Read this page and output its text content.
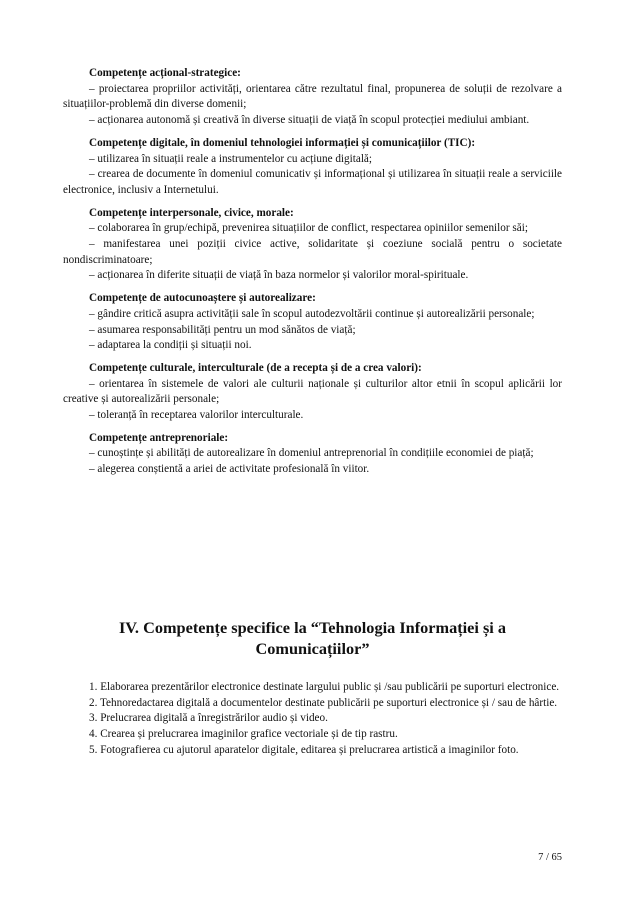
Competențe acțional-strategice:

– proiectarea propriilor activități, orientarea către rezultatul final, propunerea de soluții de rezolvare a situațiilor-problemă din diverse domenii;

– acționarea autonomă și creativă în diverse situații de viață în scopul protecției mediului ambiant.

Competențe digitale, în domeniul tehnologiei informației și comunicațiilor (TIC):

– utilizarea în situații reale a instrumentelor cu acțiune digitală;

– crearea de documente în domeniul comunicativ și informațional și utilizarea în situații reale a serviciile electronice, inclusiv a Internetului.

Competențe interpersonale, civice, morale:

– colaborarea în grup/echipă, prevenirea situațiilor de conflict, respectarea opiniilor semenilor săi;

– manifestarea unei poziții civice active, solidaritate și coeziune socială pentru o societate nondiscriminatoare;

– acționarea în diferite situații de viață în baza normelor și valorilor moral-spirituale.

Competențe de autocunoaștere și autorealizare:

– gândire critică asupra activității sale în scopul autodezvoltării continue și autorealizării personale;

– asumarea responsabilități pentru un mod sănătos de viață;

– adaptarea la condiții și situații noi.

Competențe culturale, interculturale (de a recepta și de a crea valori):

– orientarea în sistemele de valori ale culturii naționale și culturilor altor etnii în scopul aplicării lor creative și autorealizării personale;

– toleranță în receptarea valorilor interculturale.

Competențe antreprenoriale:

– cunoștințe și abilități de autorealizare în domeniul antreprenorial în condițiile economiei de piață;

– alegerea conștientă a ariei de activitate profesională în viitor.

IV. Competențe specifice la “Tehnologia Informației și a
Comunicațiilor”

1. Elaborarea prezentărilor electronice destinate largului public și /sau publicării pe suporturi electronice.

2. Tehnoredactarea digitală a documentelor destinate publicării pe suporturi electronice și / sau de hârtie.

3. Prelucrarea digitală a înregistrărilor audio și video.

4. Crearea și prelucrarea imaginilor grafice vectoriale și de tip rastru.

5. Fotografierea cu ajutorul aparatelor digitale, editarea și prelucrarea artistică a imaginilor foto.

7 / 65
